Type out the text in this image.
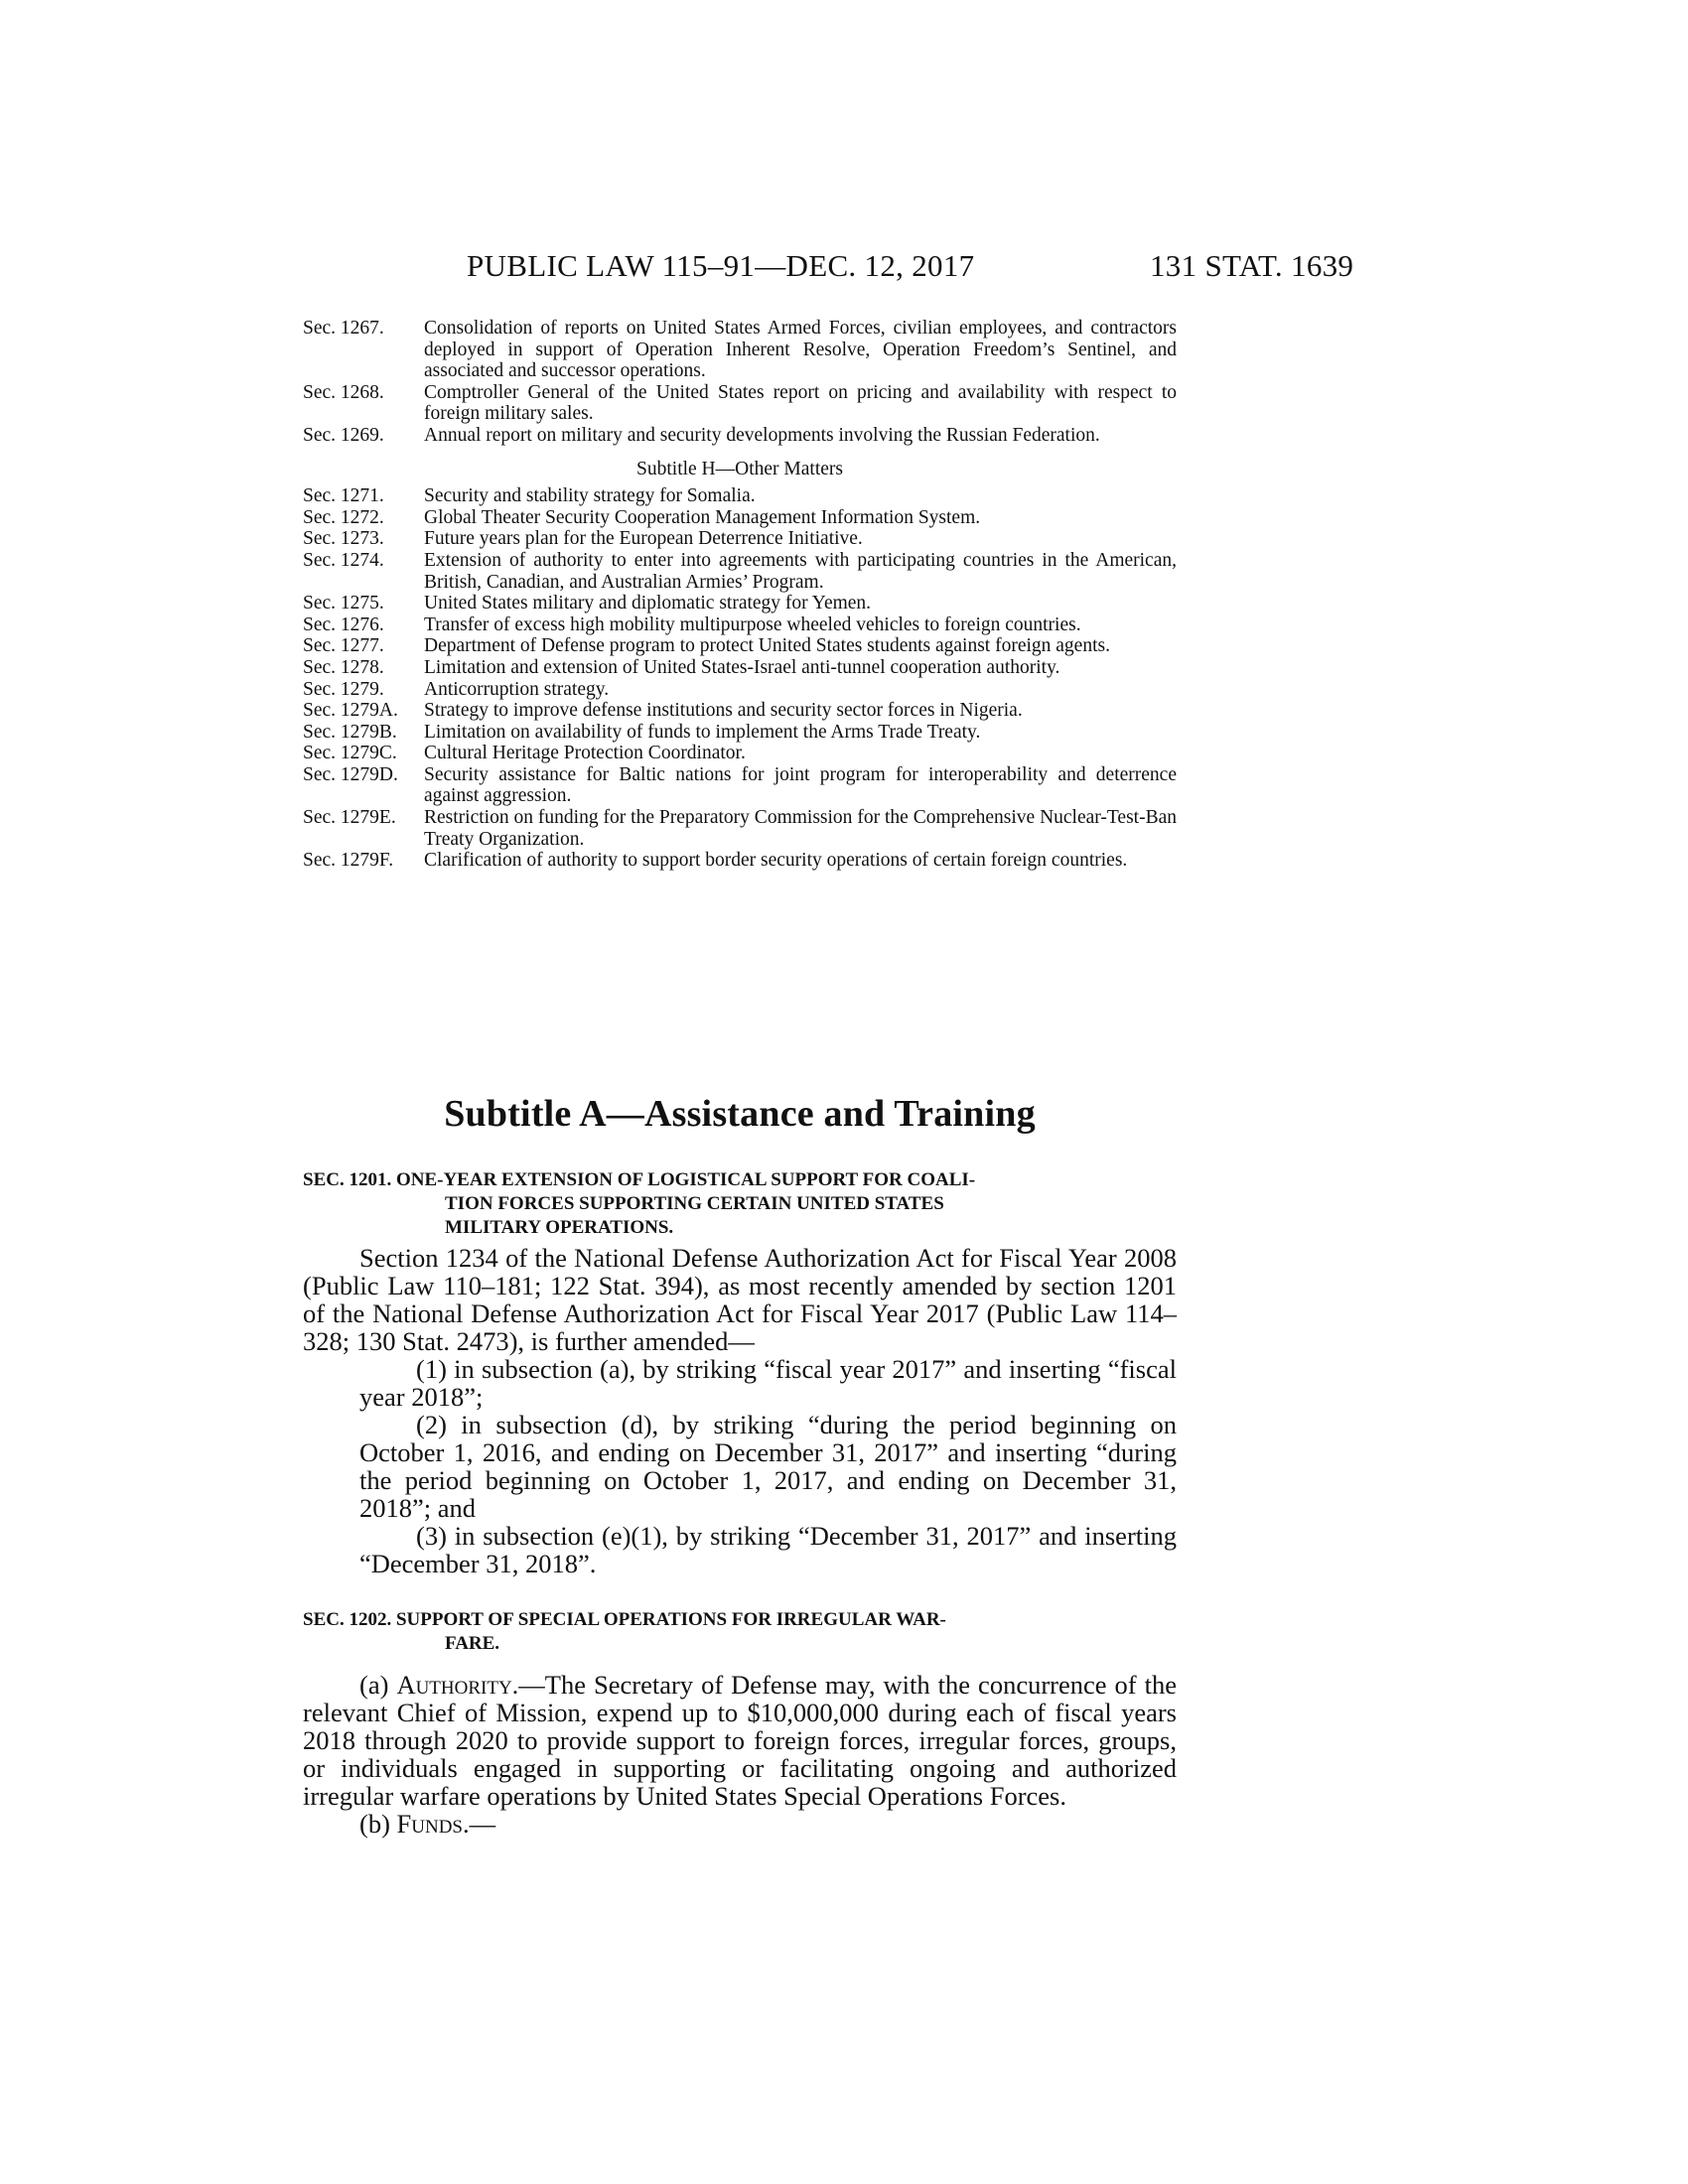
PUBLIC LAW 115–91—DEC. 12, 2017	131 STAT. 1639
Sec. 1267.	Consolidation of reports on United States Armed Forces, civilian employees, and contractors deployed in support of Operation Inherent Resolve, Operation Freedom’s Sentinel, and associated and successor operations.
Sec. 1268.	Comptroller General of the United States report on pricing and availability with respect to foreign military sales.
Sec. 1269.	Annual report on military and security developments involving the Russian Federation.
Subtitle H—Other Matters
Sec. 1271.	Security and stability strategy for Somalia.
Sec. 1272.	Global Theater Security Cooperation Management Information System.
Sec. 1273.	Future years plan for the European Deterrence Initiative.
Sec. 1274.	Extension of authority to enter into agreements with participating countries in the American, British, Canadian, and Australian Armies’ Program.
Sec. 1275.	United States military and diplomatic strategy for Yemen.
Sec. 1276.	Transfer of excess high mobility multipurpose wheeled vehicles to foreign countries.
Sec. 1277.	Department of Defense program to protect United States students against foreign agents.
Sec. 1278.	Limitation and extension of United States-Israel anti-tunnel cooperation authority.
Sec. 1279.	Anticorruption strategy.
Sec. 1279A.	Strategy to improve defense institutions and security sector forces in Nigeria.
Sec. 1279B.	Limitation on availability of funds to implement the Arms Trade Treaty.
Sec. 1279C.	Cultural Heritage Protection Coordinator.
Sec. 1279D.	Security assistance for Baltic nations for joint program for interoperability and deterrence against aggression.
Sec. 1279E.	Restriction on funding for the Preparatory Commission for the Comprehensive Nuclear-Test-Ban Treaty Organization.
Sec. 1279F.	Clarification of authority to support border security operations of certain foreign countries.
Subtitle A—Assistance and Training
SEC. 1201. ONE-YEAR EXTENSION OF LOGISTICAL SUPPORT FOR COALI-
TION FORCES SUPPORTING CERTAIN UNITED STATES
MILITARY OPERATIONS.

Section 1234 of the National Defense Authorization Act for Fiscal Year 2008 (Public Law 110–181; 122 Stat. 394), as most recently amended by section 1201 of the National Defense Authorization Act for Fiscal Year 2017 (Public Law 114–328; 130 Stat. 2473), is further amended—

(1) in subsection (a), by striking “fiscal year 2017” and inserting “fiscal year 2018”;

(2) in subsection (d), by striking “during the period beginning on October 1, 2016, and ending on December 31, 2017” and inserting “during the period beginning on October 1, 2017, and ending on December 31, 2018”; and

(3) in subsection (e)(1), by striking “December 31, 2017” and inserting “December 31, 2018”.

SEC. 1202. SUPPORT OF SPECIAL OPERATIONS FOR IRREGULAR WAR-
FARE.

(a) Authority.—The Secretary of Defense may, with the concurrence of the relevant Chief of Mission, expend up to $10,000,000 during each of fiscal years 2018 through 2020 to provide support to foreign forces, irregular forces, groups, or individuals engaged in supporting or facilitating ongoing and authorized irregular warfare operations by United States Special Operations Forces.

(b) Funds.—
